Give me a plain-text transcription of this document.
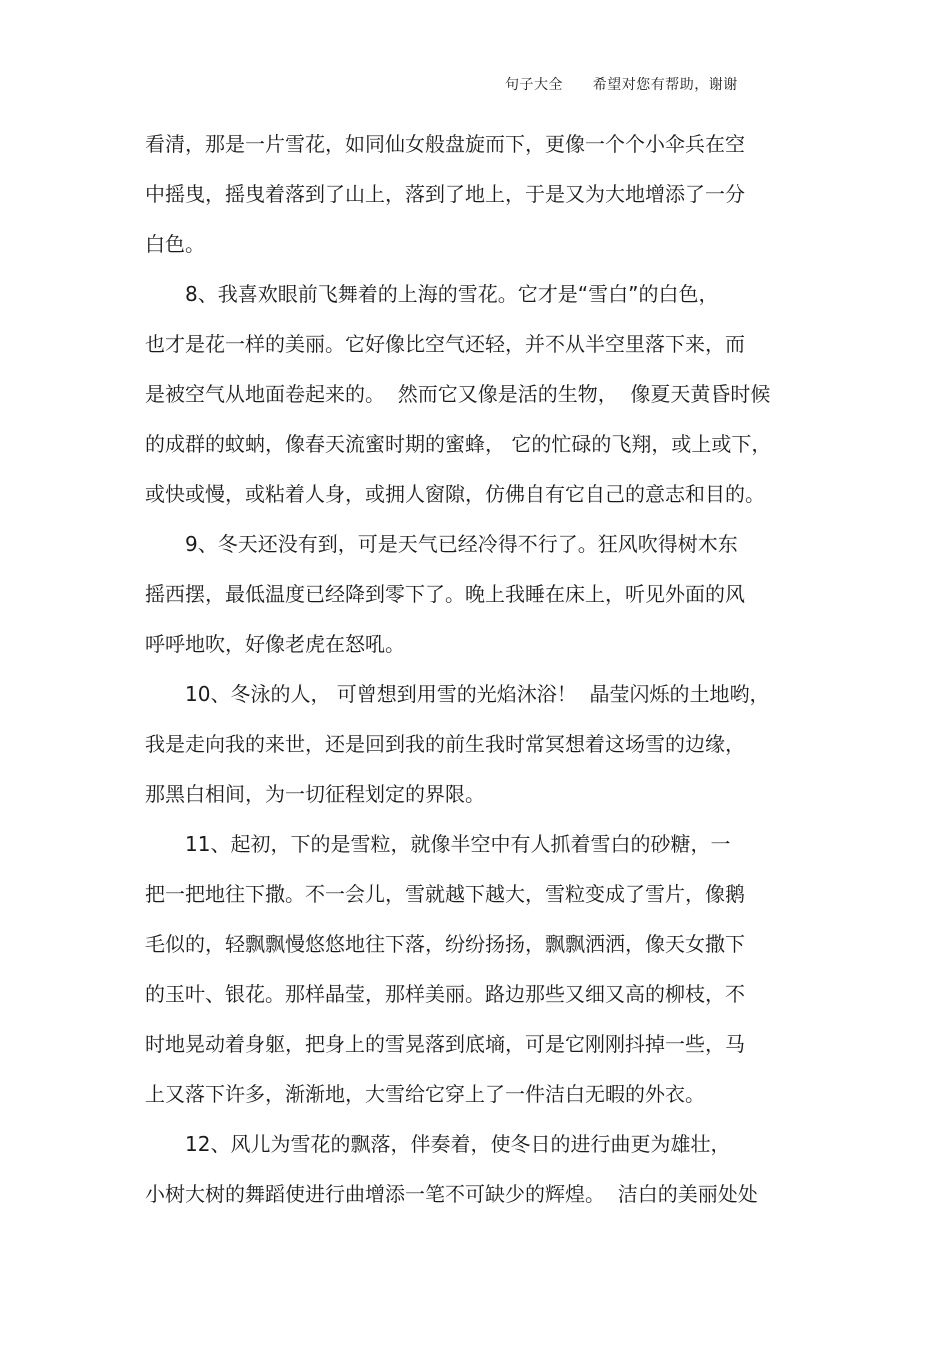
句子大全      希望对您有帮助，谢谢
看清，那是一片雪花，如同仙女般盘旋而下，更像一个个小伞兵在空
中摇曳，摇曳着落到了山上，落到了地上，于是又为大地增添了一分
白色。
8、我喜欢眼前飞舞着的上海的雪花。它才是“雪白”的白色，
也才是花一样的美丽。它好像比空气还轻，并不从半空里落下来，而
是被空气从地面卷起来的。  然而它又像是活的生物，  像夏天黄昏时候
的成群的蚊蚋，像春天流蜜时期的蜜蜂， 它的忙碌的飞翔，或上或下，
或快或慢，或粘着人身，或拥人窗隙，仿佛自有它自己的意志和目的。
9、冬天还没有到，可是天气已经冷得不行了。狂风吹得树木东
摇西摆，最低温度已经降到零下了。晚上我睡在床上，听见外面的风
呼呼地吹，好像老虎在怒吼。
10、冬泳的人， 可曾想到用雪的光焰沐浴！  晶莹闪烁的土地哟，
我是走向我的来世，还是回到我的前生我时常冥想着这场雪的边缘，
那黑白相间，为一切征程划定的界限。
11、起初，下的是雪粒，就像半空中有人抓着雪白的砂糖，一
把一把地往下撒。不一会儿，雪就越下越大，雪粒变成了雪片，像鹅
毛似的，轻飘飘慢悠悠地往下落，纷纷扬扬，飘飘洒洒，像天女撒下
的玉叶、银花。那样晶莹，那样美丽。路边那些又细又高的柳枝，不
时地晃动着身躯，把身上的雪晃落到底墒，可是它刚刚抖掉一些，马
上又落下许多，渐渐地，大雪给它穿上了一件洁白无暇的外衣。
12、风儿为雪花的飘落，伴奏着，使冬日的进行曲更为雄壮，
小树大树的舞蹈使进行曲增添一笔不可缺少的辉煌。  洁白的美丽处处
